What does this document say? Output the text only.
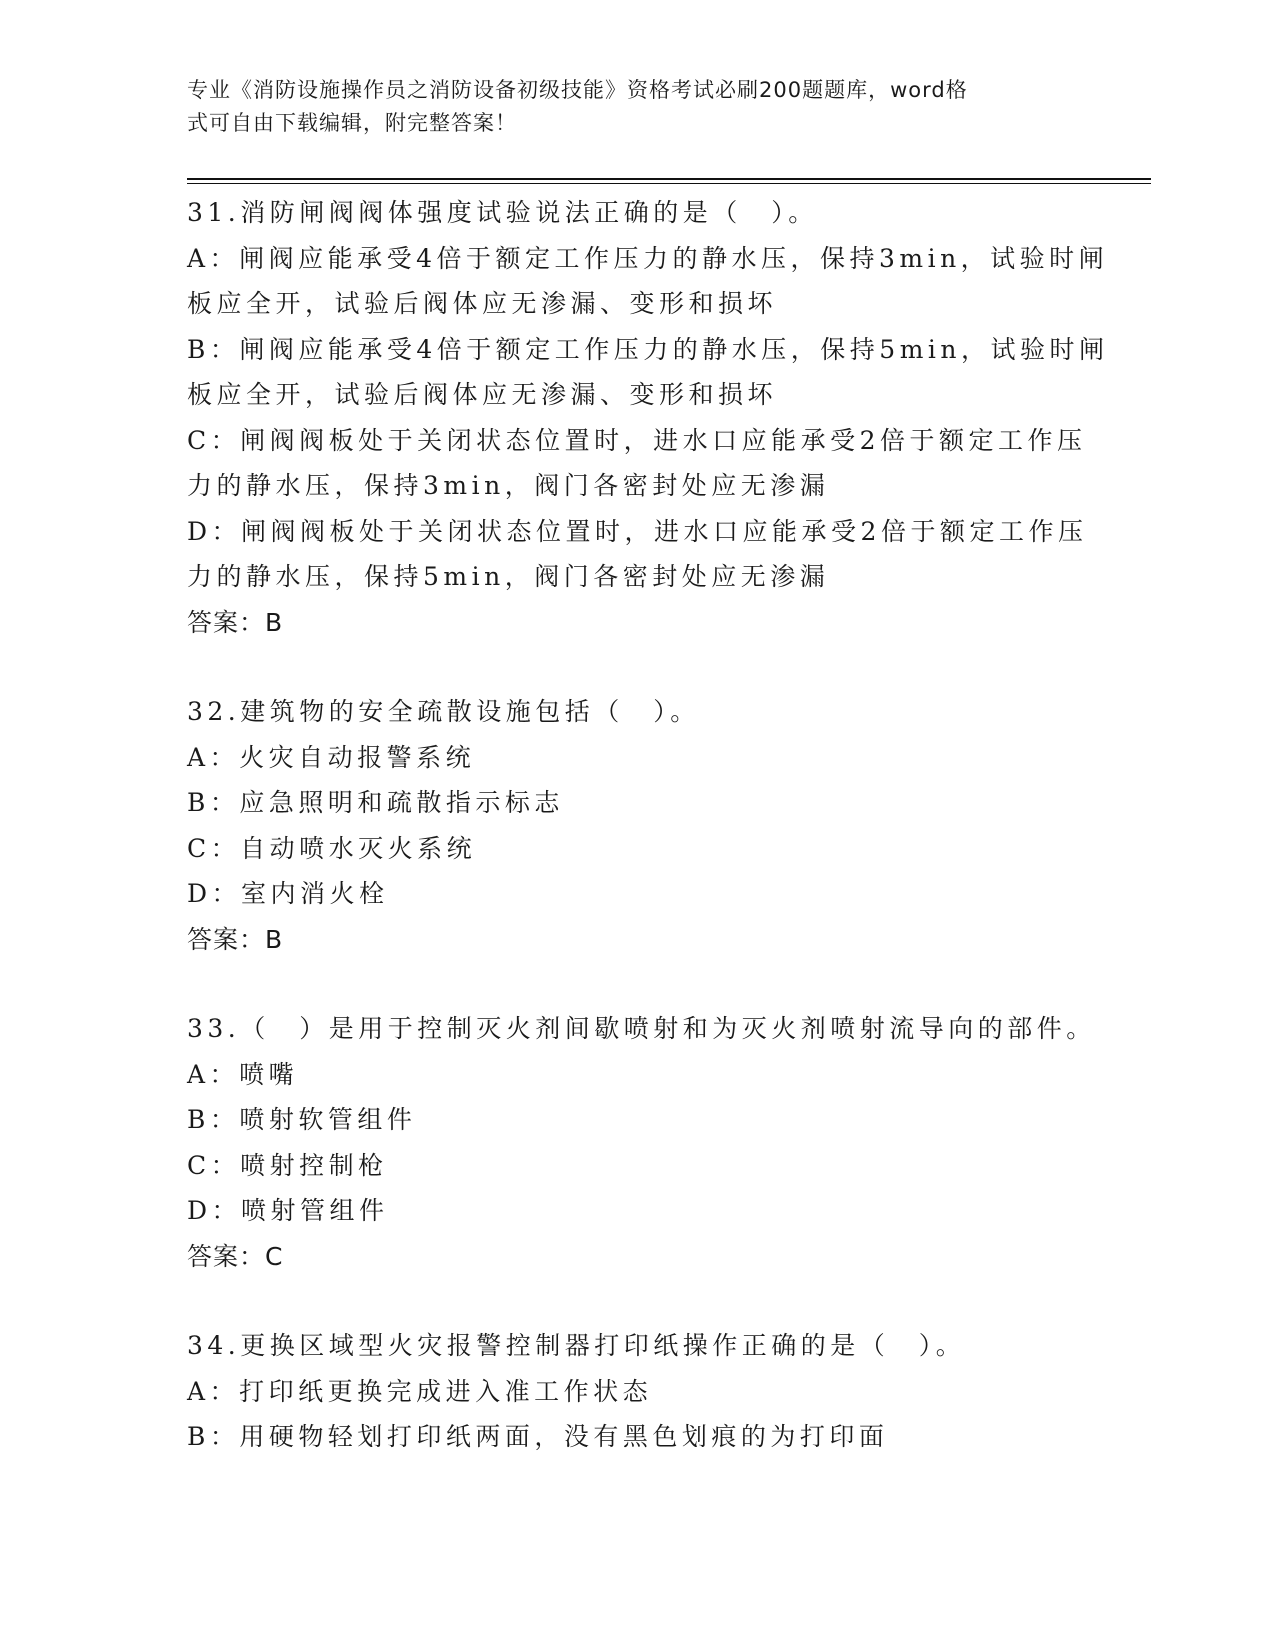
专业《消防设施操作员之消防设备初级技能》资格考试必刷200题题库，word格
式可自由下载编辑，附完整答案！
31.消防闸阀阀体强度试验说法正确的是（　）。
A：闸阀应能承受4倍于额定工作压力的静水压，保持3min，试验时闸
板应全开，试验后阀体应无渗漏、变形和损坏
B：闸阀应能承受4倍于额定工作压力的静水压，保持5min，试验时闸
板应全开，试验后阀体应无渗漏、变形和损坏
C：闸阀阀板处于关闭状态位置时，进水口应能承受2倍于额定工作压
力的静水压，保持3min，阀门各密封处应无渗漏
D：闸阀阀板处于关闭状态位置时，进水口应能承受2倍于额定工作压
力的静水压，保持5min，阀门各密封处应无渗漏
答案：B
32.建筑物的安全疏散设施包括（　）。
A：火灾自动报警系统
B：应急照明和疏散指示标志
C：自动喷水灭火系统
D：室内消火栓
答案：B
33.（　）是用于控制灭火剂间歇喷射和为灭火剂喷射流导向的部件。
A：喷嘴
B：喷射软管组件
C：喷射控制枪
D：喷射管组件
答案：C
34.更换区域型火灾报警控制器打印纸操作正确的是（　）。
A：打印纸更换完成进入准工作状态
B：用硬物轻划打印纸两面，没有黑色划痕的为打印面
